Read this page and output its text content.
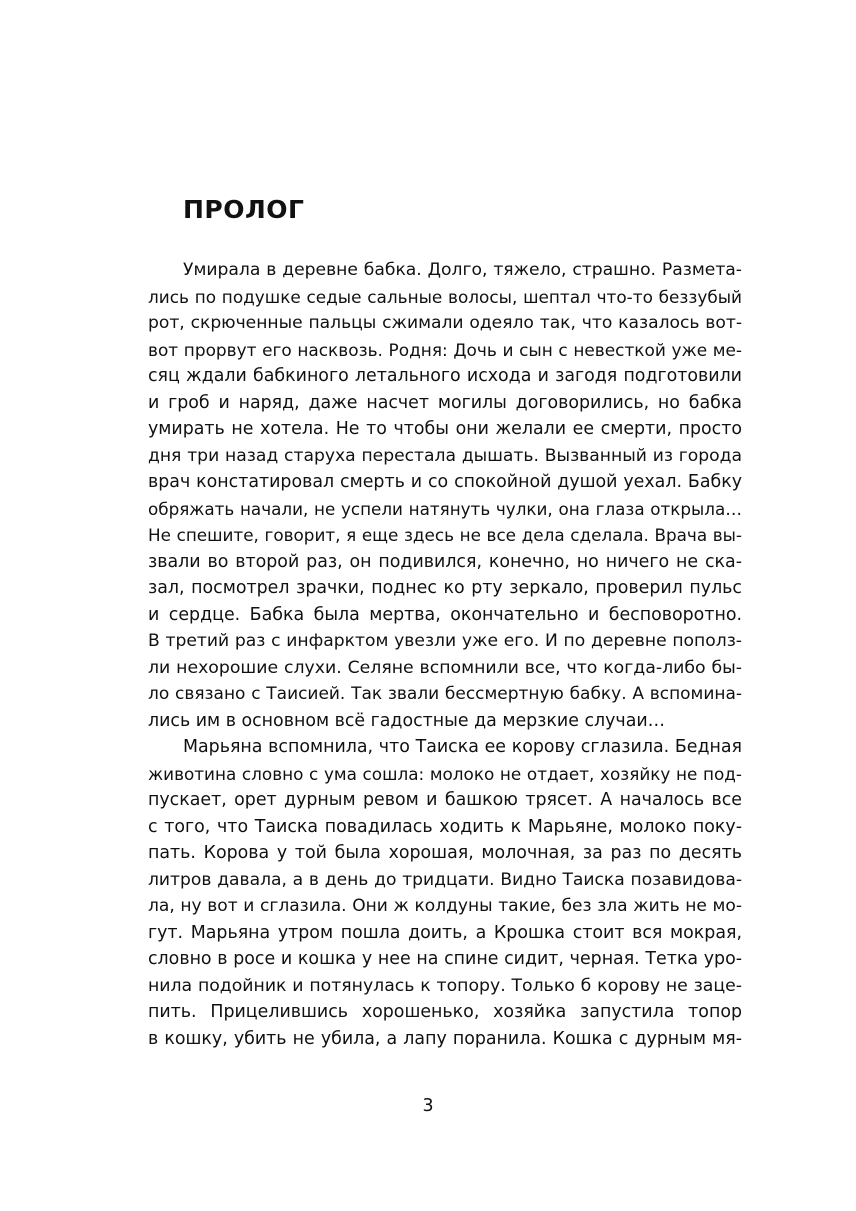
ПРОЛОГ
Умирала в деревне бабка. Долго, тяжело, страшно. Размета-
лись по подушке седые сальные волосы, шептал что-то беззубый
рот, скрюченные пальцы сжимали одеяло так, что казалось вот-
вот прорвут его насквозь. Родня: Дочь и сын с невесткой уже ме-
сяц ждали бабкиного летального исхода и загодя подготовили
и гроб и наряд, даже насчет могилы договорились, но бабка
умирать не хотела. Не то чтобы они желали ее смерти, просто
дня три назад старуха перестала дышать. Вызванный из города
врач констатировал смерть и со спокойной душой уехал. Бабку
обряжать начали, не успели натянуть чулки, она глаза открыла…
Не спешите, говорит, я еще здесь не все дела сделала. Врача вы-
звали во второй раз, он подивился, конечно, но ничего не ска-
зал, посмотрел зрачки, поднес ко рту зеркало, проверил пульс
и сердце. Бабка была мертва, окончательно и бесповоротно.
В третий раз с инфарктом увезли уже его. И по деревне пополз-
ли нехорошие слухи. Селяне вспомнили все, что когда-либо бы-
ло связано с Таисией. Так звали бессмертную бабку. А вспомина-
лись им в основном всё гадостные да мерзкие случаи…
Марьяна вспомнила, что Таиска ее корову сглазила. Бедная
животина словно с ума сошла: молоко не отдает, хозяйку не под-
пускает, орет дурным ревом и башкою трясет. А началось все
с того, что Таиска повадилась ходить к Марьяне, молоко поку-
пать. Корова у той была хорошая, молочная, за раз по десять
литров давала, а в день до тридцати. Видно Таиска позавидова-
ла, ну вот и сглазила. Они ж колдуны такие, без зла жить не мо-
гут. Марьяна утром пошла доить, а Крошка стоит вся мокрая,
словно в росе и кошка у нее на спине сидит, черная. Тетка уро-
нила подойник и потянулась к топору. Только б корову не заце-
пить. Прицелившись хорошенько, хозяйка запустила топор
в кошку, убить не убила, а лапу поранила. Кошка с дурным мя-
3
